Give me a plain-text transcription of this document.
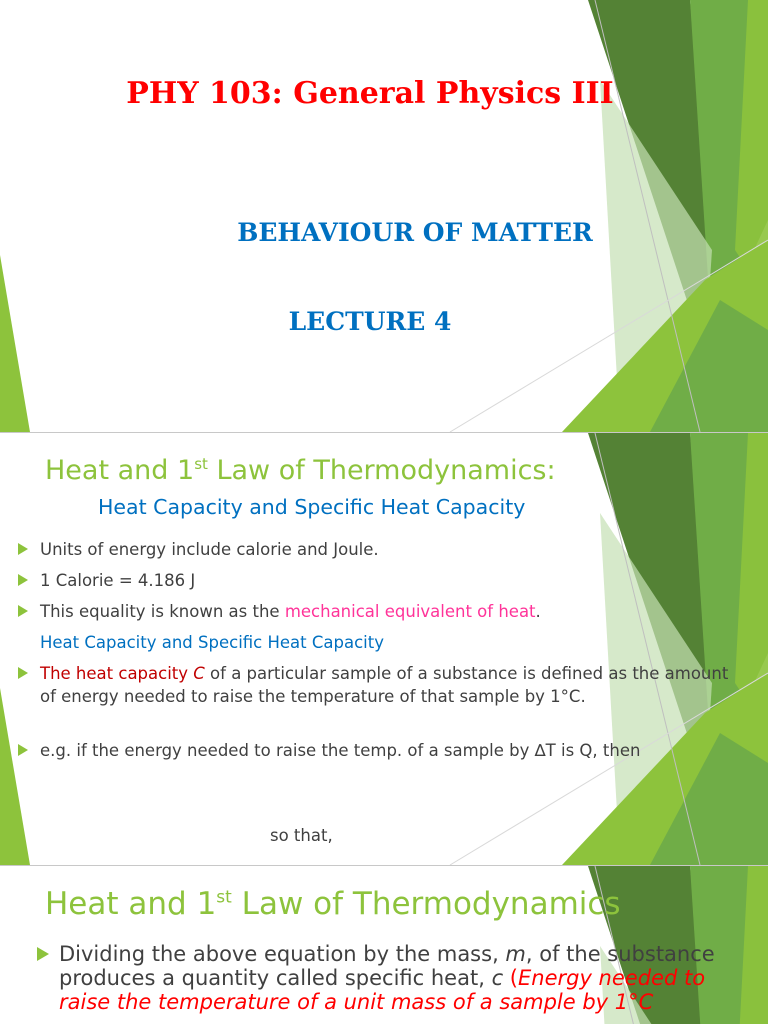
PHY 103: General Physics III
BEHAVIOUR OF MATTER
LECTURE 4
Heat and 1st Law of Thermodynamics:
Heat Capacity and Specific Heat Capacity
Units of energy include calorie and Joule.
1 Calorie = 4.186 J
This equality is known as the mechanical equivalent of heat.
Heat Capacity and Specific Heat Capacity
The heat capacity C of a particular sample of a substance is defined as the amount of energy needed to raise the temperature of that sample by 1°C.
e.g. if the energy needed to raise the temp. of a sample by ∆T is Q, then
so that,
Heat and 1st Law of Thermodynamics
Dividing the above equation by the mass, m, of the substance produces a quantity called specific heat, c (Energy needed to raise the temperature of a unit mass of a sample by 1°C
